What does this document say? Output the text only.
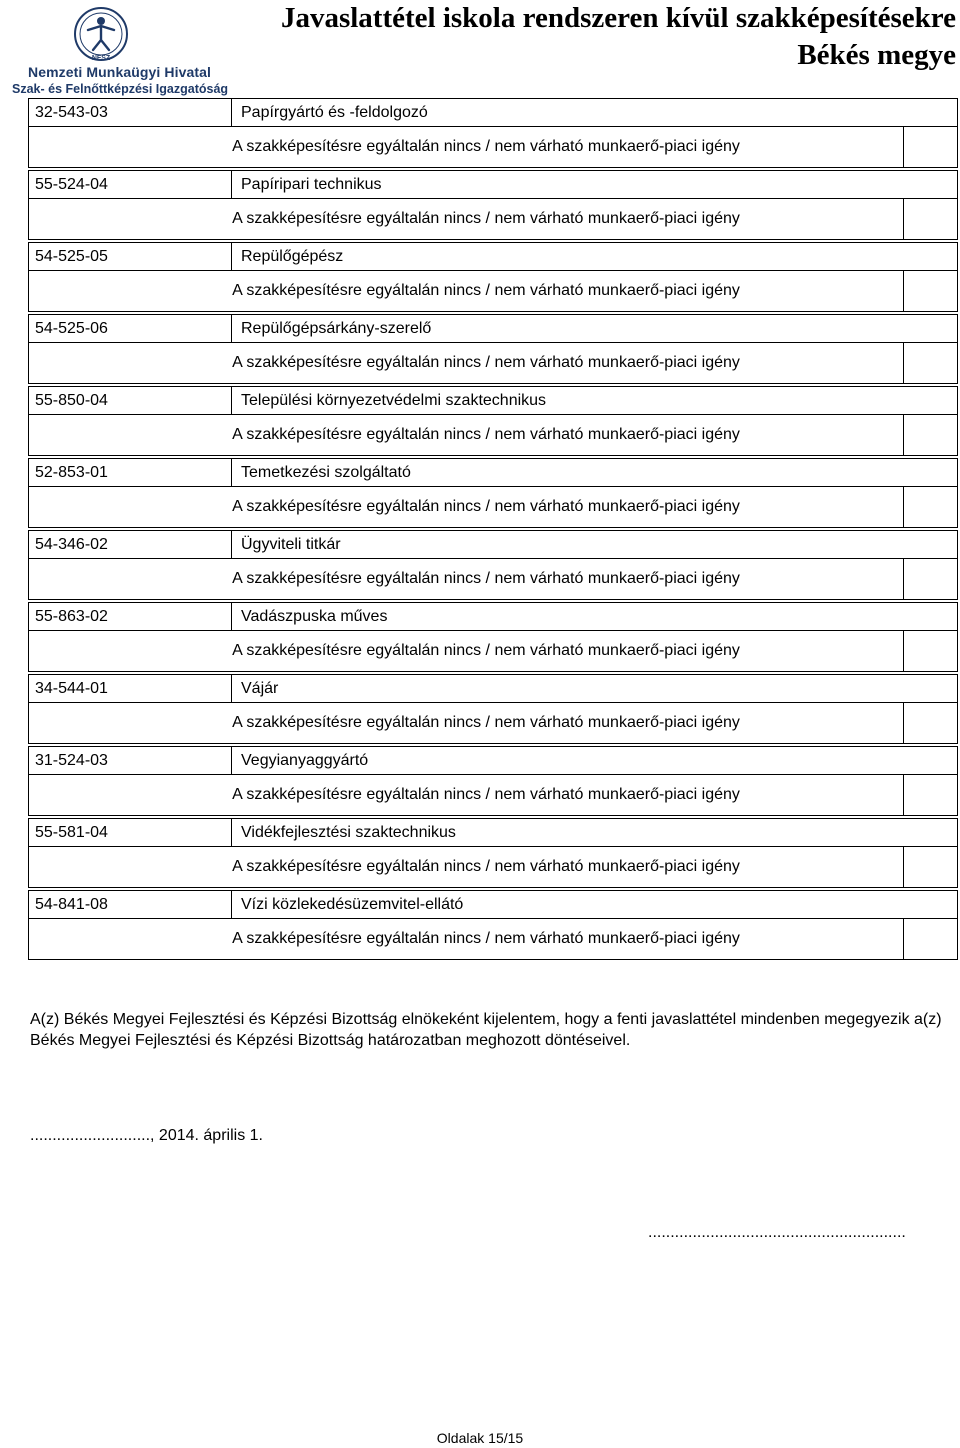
NFSZ
Nemzeti Munkaügyi Hivatal
Szak- és Felnőttképzési Igazgatóság
Javaslattétel iskola rendszeren kívül szakképesítésekre
Békés megye
32-543-03	Papírgyártó és -feldolgozó
A szakképesítésre egyáltalán nincs / nem várható munkaerő-piaci igény
55-524-04	Papíripari technikus
A szakképesítésre egyáltalán nincs / nem várható munkaerő-piaci igény
54-525-05	Repülőgépész
A szakképesítésre egyáltalán nincs / nem várható munkaerő-piaci igény
54-525-06	Repülőgépsárkány-szerelő
A szakképesítésre egyáltalán nincs / nem várható munkaerő-piaci igény
55-850-04	Települési környezetvédelmi szaktechnikus
A szakképesítésre egyáltalán nincs / nem várható munkaerő-piaci igény
52-853-01	Temetkezési szolgáltató
A szakképesítésre egyáltalán nincs / nem várható munkaerő-piaci igény
54-346-02	Ügyviteli titkár
A szakképesítésre egyáltalán nincs / nem várható munkaerő-piaci igény
55-863-02	Vadászpuska műves
A szakképesítésre egyáltalán nincs / nem várható munkaerő-piaci igény
34-544-01	Vájár
A szakképesítésre egyáltalán nincs / nem várható munkaerő-piaci igény
31-524-03	Vegyianyaggyártó
A szakképesítésre egyáltalán nincs / nem várható munkaerő-piaci igény
55-581-04	Vidékfejlesztési szaktechnikus
A szakképesítésre egyáltalán nincs / nem várható munkaerő-piaci igény
54-841-08	Vízi közlekedésüzemvitel-ellátó
A szakképesítésre egyáltalán nincs / nem várható munkaerő-piaci igény
A(z) Békés Megyei Fejlesztési és Képzési Bizottság elnökeként kijelentem, hogy a fenti javaslattétel mindenben megegyezik a(z) Békés Megyei Fejlesztési és Képzési Bizottság határozatban meghozott döntéseivel.
..........................., 2014. április 1.
..........................................................
Oldalak 15/15
